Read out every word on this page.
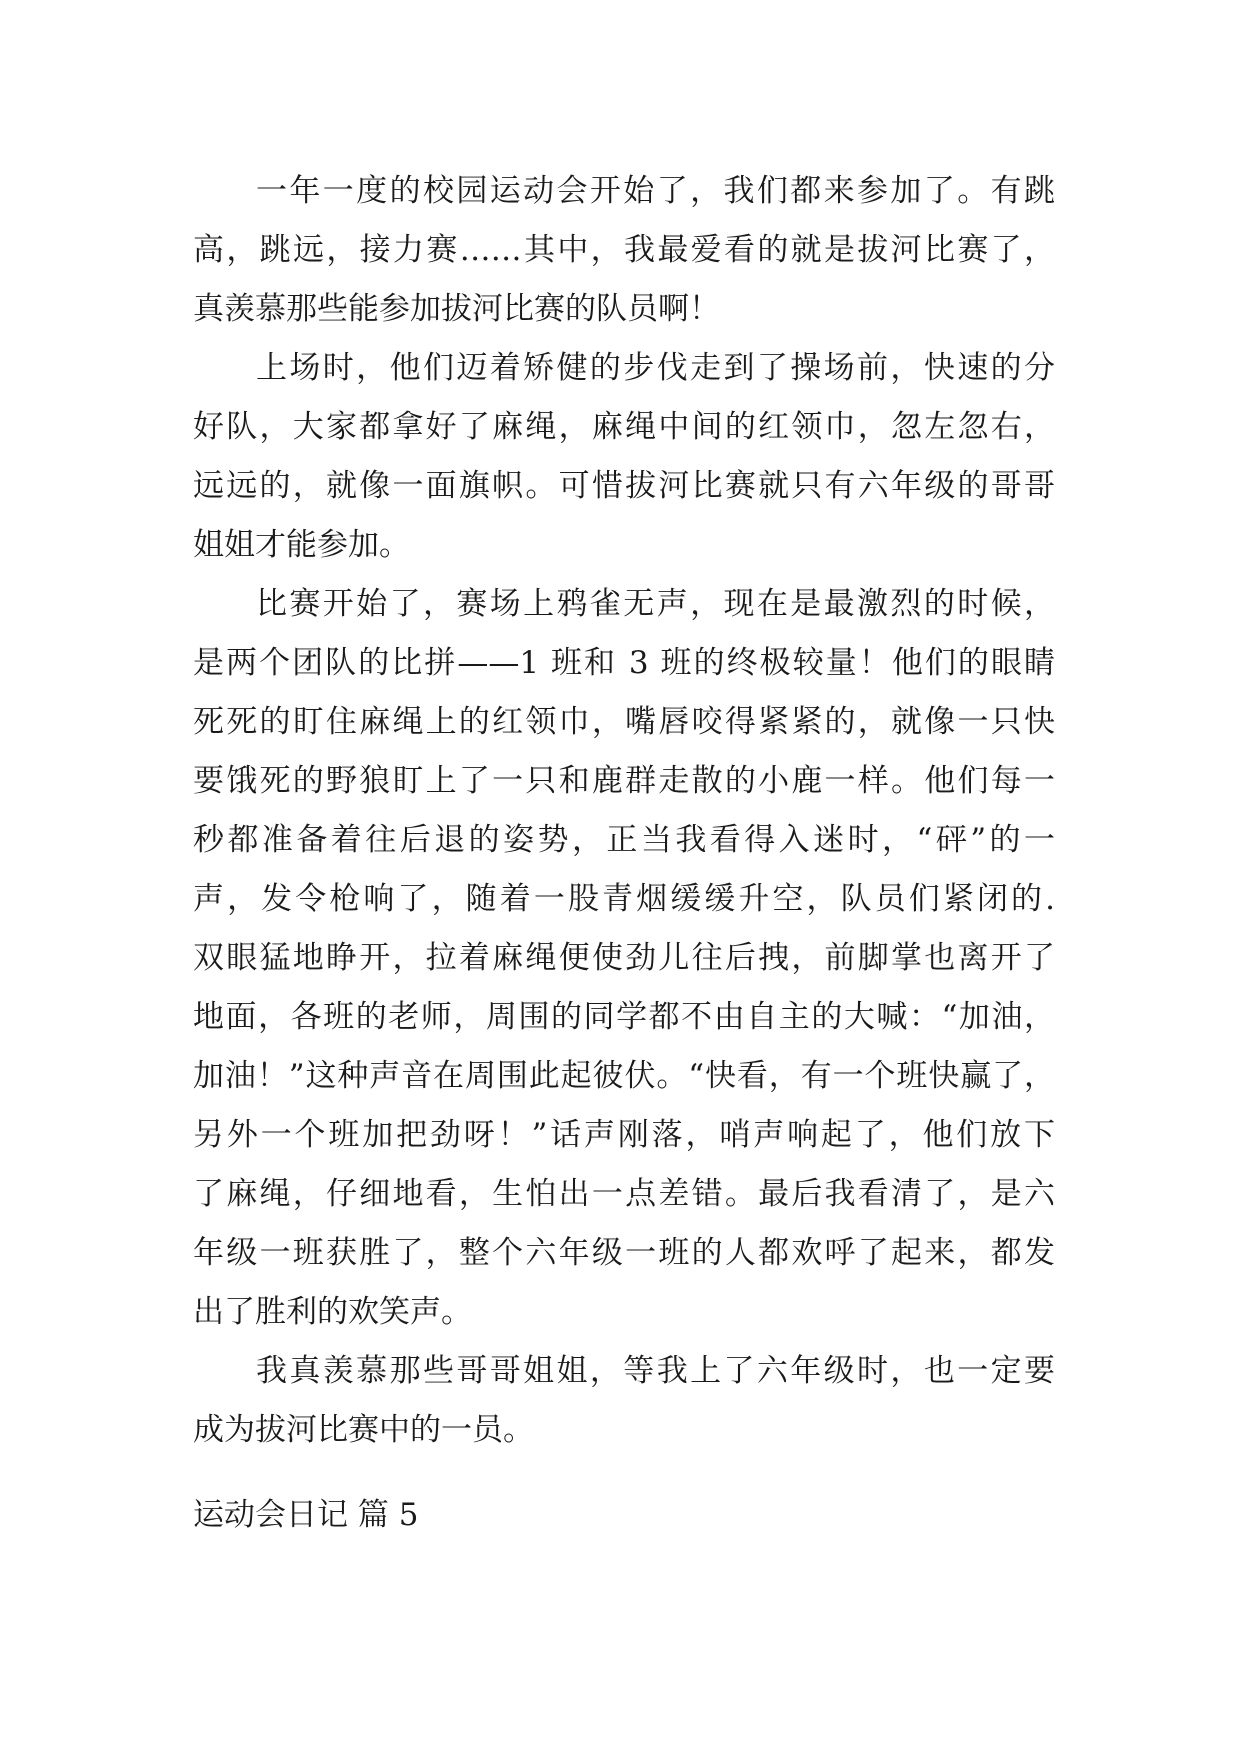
一年一度的校园运动会开始了，我们都来参加了。有跳
高，跳远，接力赛……其中，我最爱看的就是拔河比赛了，
真羡慕那些能参加拔河比赛的队员啊！
上场时，他们迈着矫健的步伐走到了操场前，快速的分
好队，大家都拿好了麻绳，麻绳中间的红领巾，忽左忽右，
远远的，就像一面旗帜。可惜拔河比赛就只有六年级的哥哥
姐姐才能参加。
比赛开始了，赛场上鸦雀无声，现在是最激烈的时候，
是两个团队的比拼——1 班和 3 班的终极较量！他们的眼睛
死死的盯住麻绳上的红领巾，嘴唇咬得紧紧的，就像一只快
要饿死的野狼盯上了一只和鹿群走散的小鹿一样。他们每一
秒都准备着往后退的姿势，正当我看得入迷时，“砰”的一
声，发令枪响了，随着一股青烟缓缓升空，队员们紧闭的.
双眼猛地睁开，拉着麻绳便使劲儿往后拽，前脚掌也离开了
地面，各班的老师，周围的同学都不由自主的大喊：“加油，
加油！”这种声音在周围此起彼伏。“快看，有一个班快赢了，
另外一个班加把劲呀！”话声刚落，哨声响起了，他们放下
了麻绳，仔细地看，生怕出一点差错。最后我看清了，是六
年级一班获胜了，整个六年级一班的人都欢呼了起来，都发
出了胜利的欢笑声。
我真羡慕那些哥哥姐姐，等我上了六年级时，也一定要
成为拔河比赛中的一员。
运动会日记 篇 5
